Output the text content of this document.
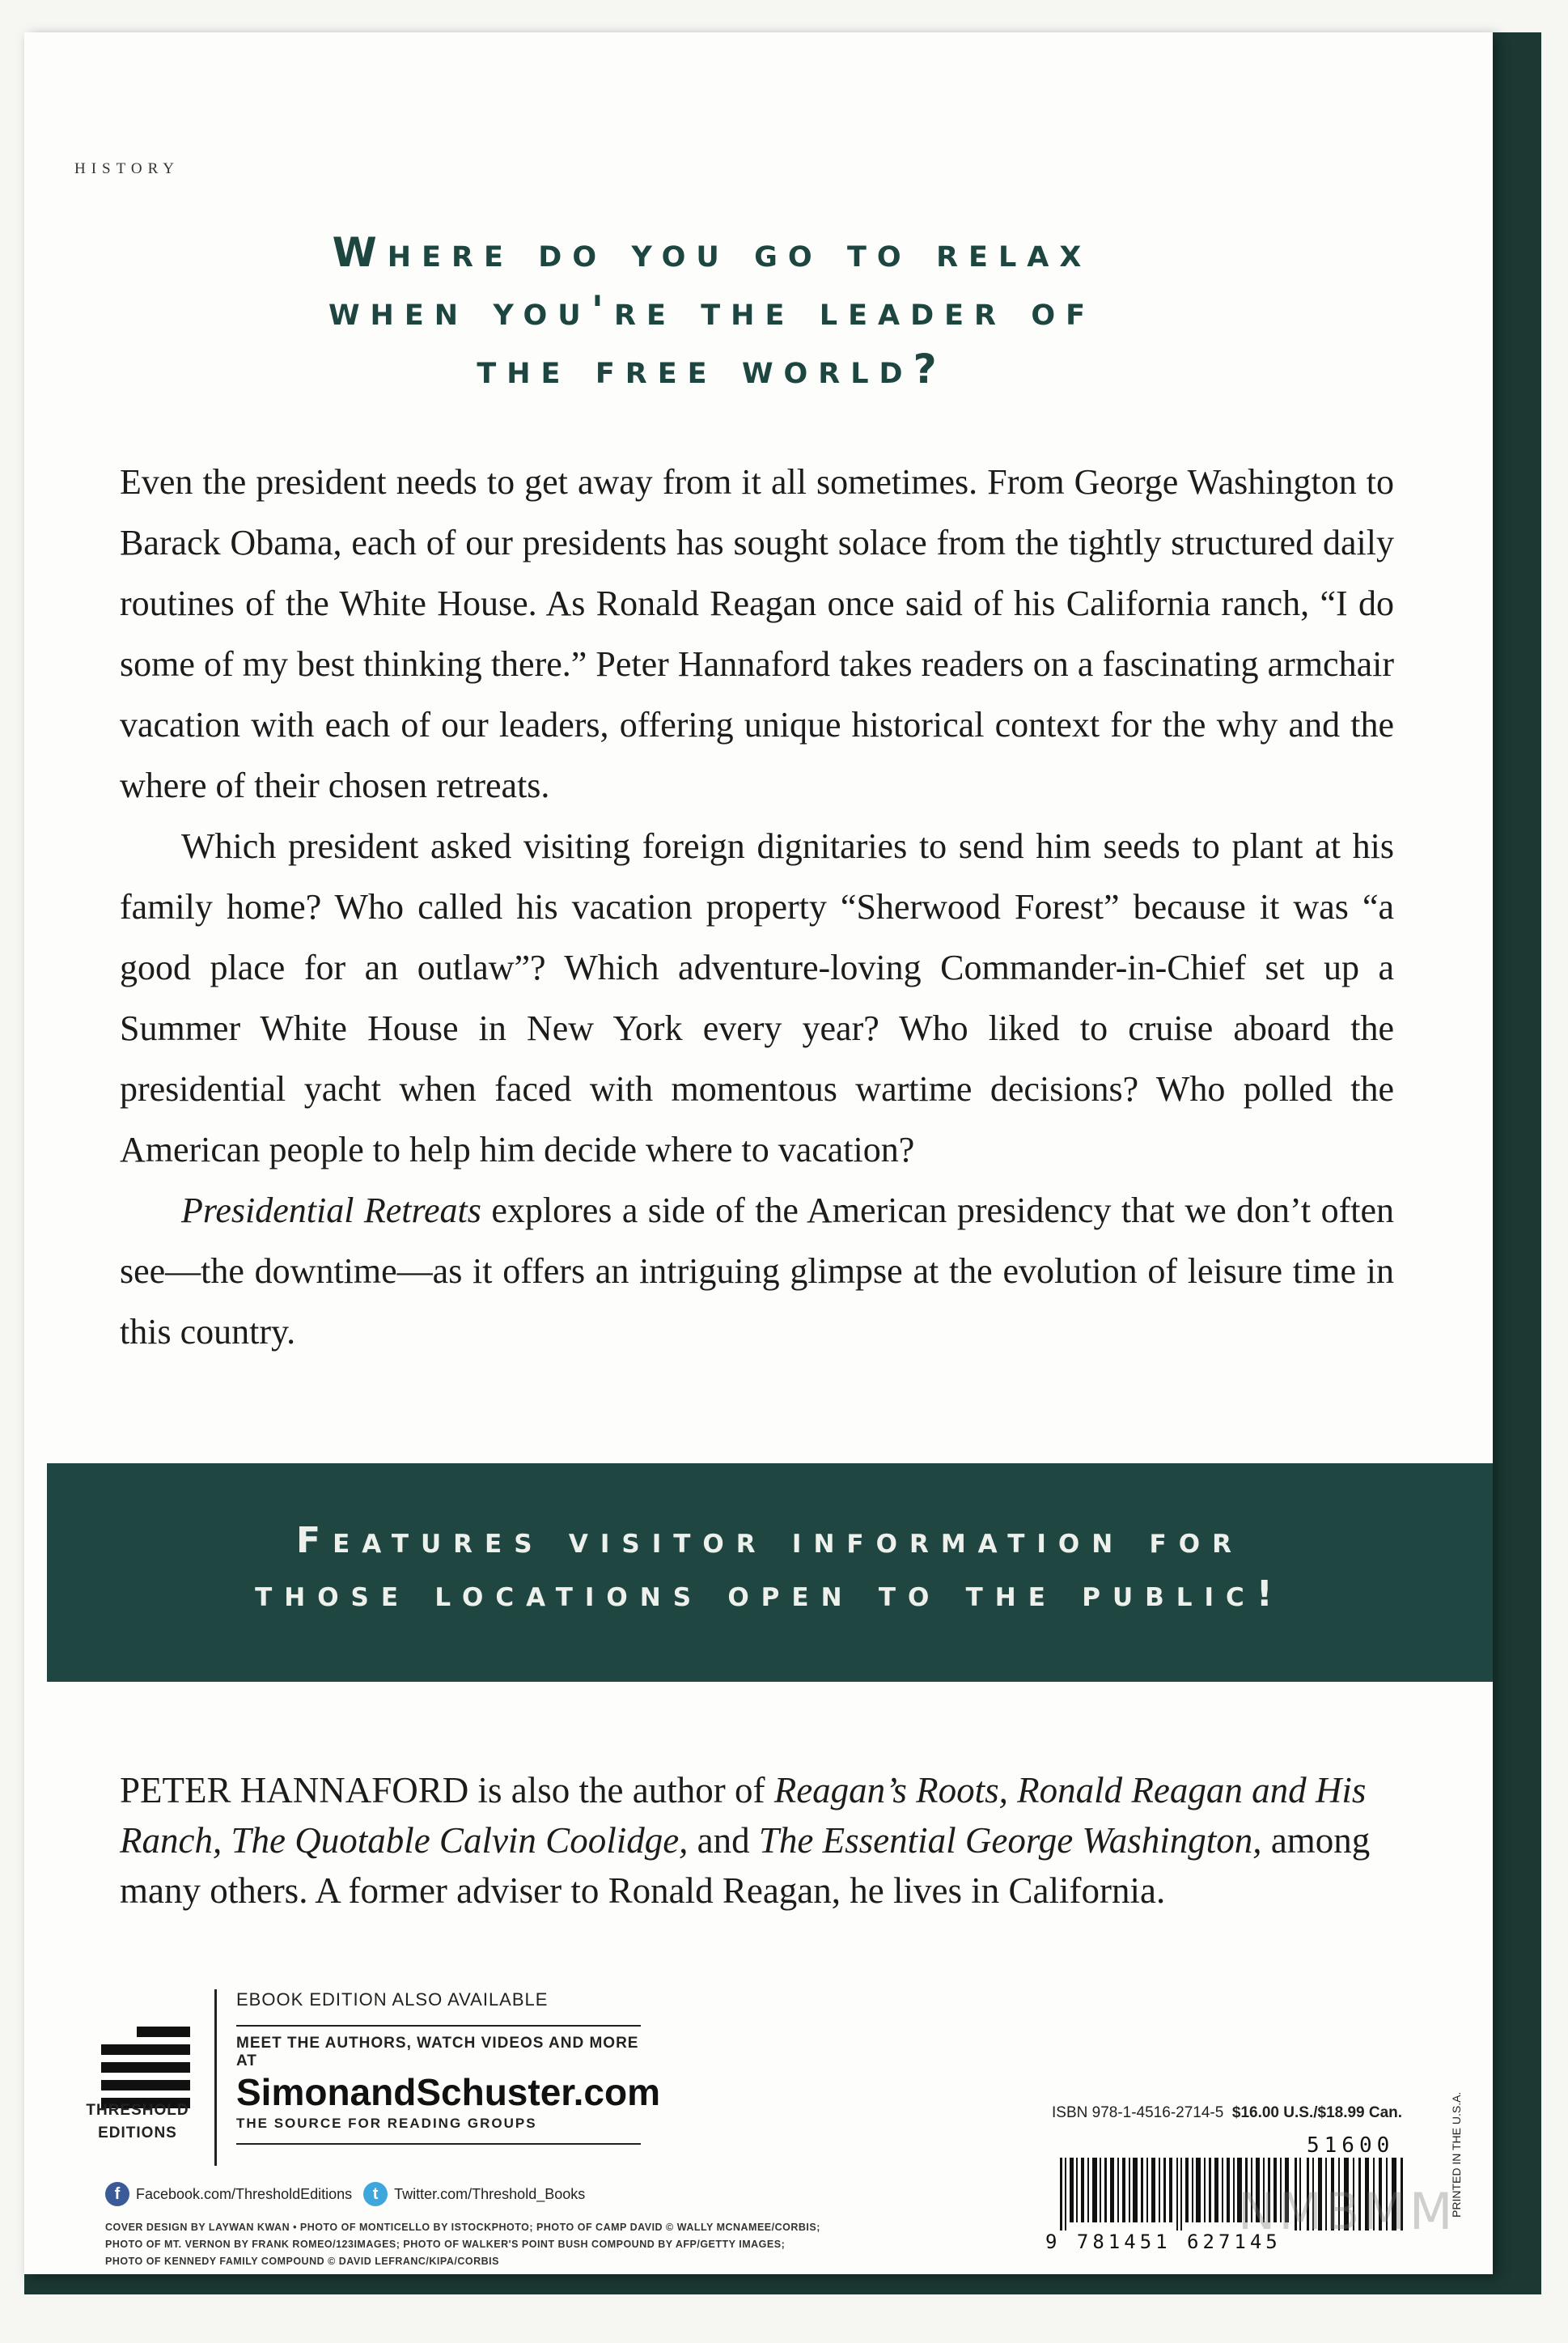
HISTORY
Where do you go to relax
when you're the leader of
the free world?

Even the president needs to get away from it all sometimes. From George Washington to Barack Obama, each of our presidents has sought solace from the tightly structured daily routines of the White House. As Ronald Reagan once said of his California ranch, “I do some of my best thinking there.” Peter Hannaford takes readers on a fascinating armchair vacation with each of our leaders, offering unique historical context for the why and the where of their chosen retreats.

Which president asked visiting foreign dignitaries to send him seeds to plant at his family home? Who called his vacation property “Sherwood Forest” because it was “a good place for an outlaw”? Which adventure-loving Commander-in-Chief set up a Summer White House in New York every year? Who liked to cruise aboard the presidential yacht when faced with momentous wartime decisions? Who polled the American people to help him decide where to vacation?

Presidential Retreats explores a side of the American presidency that we don’t often see—the downtime—as it offers an intriguing glimpse at the evolution of leisure time in this country.

Features visitor information for
those locations open to the public!
PETER HANNAFORD is also the author of Reagan’s Roots, Ronald Reagan and His Ranch, The Quotable Calvin Coolidge, and The Essential George Washington, among many others. A former adviser to Ronald Reagan, he lives in California.
THRESHOLD
EDITIONS
EBOOK EDITION ALSO AVAILABLE
MEET THE AUTHORS, WATCH VIDEOS AND MORE AT
SimonandSchuster.com
THE SOURCE FOR READING GROUPS
f	Facebook.com/ThresholdEditions	t	Twitter.com/Threshold_Books
COVER DESIGN BY LAYWAN KWAN • PHOTO OF MONTICELLO BY ISTOCKPHOTO; PHOTO OF CAMP DAVID © WALLY MCNAMEE/CORBIS;
PHOTO OF MT. VERNON BY FRANK ROMEO/123IMAGES; PHOTO OF WALKER'S POINT BUSH COMPOUND BY AFP/GETTY IMAGES;
PHOTO OF KENNEDY FAMILY COMPOUND © DAVID LEFRANC/KIPA/CORBIS
ISBN 978-1-4516-2714-5 $16.00 U.S./$18.99 Can.
51600
9 781451 627145
NMBMM
PRINTED IN THE U.S.A.
